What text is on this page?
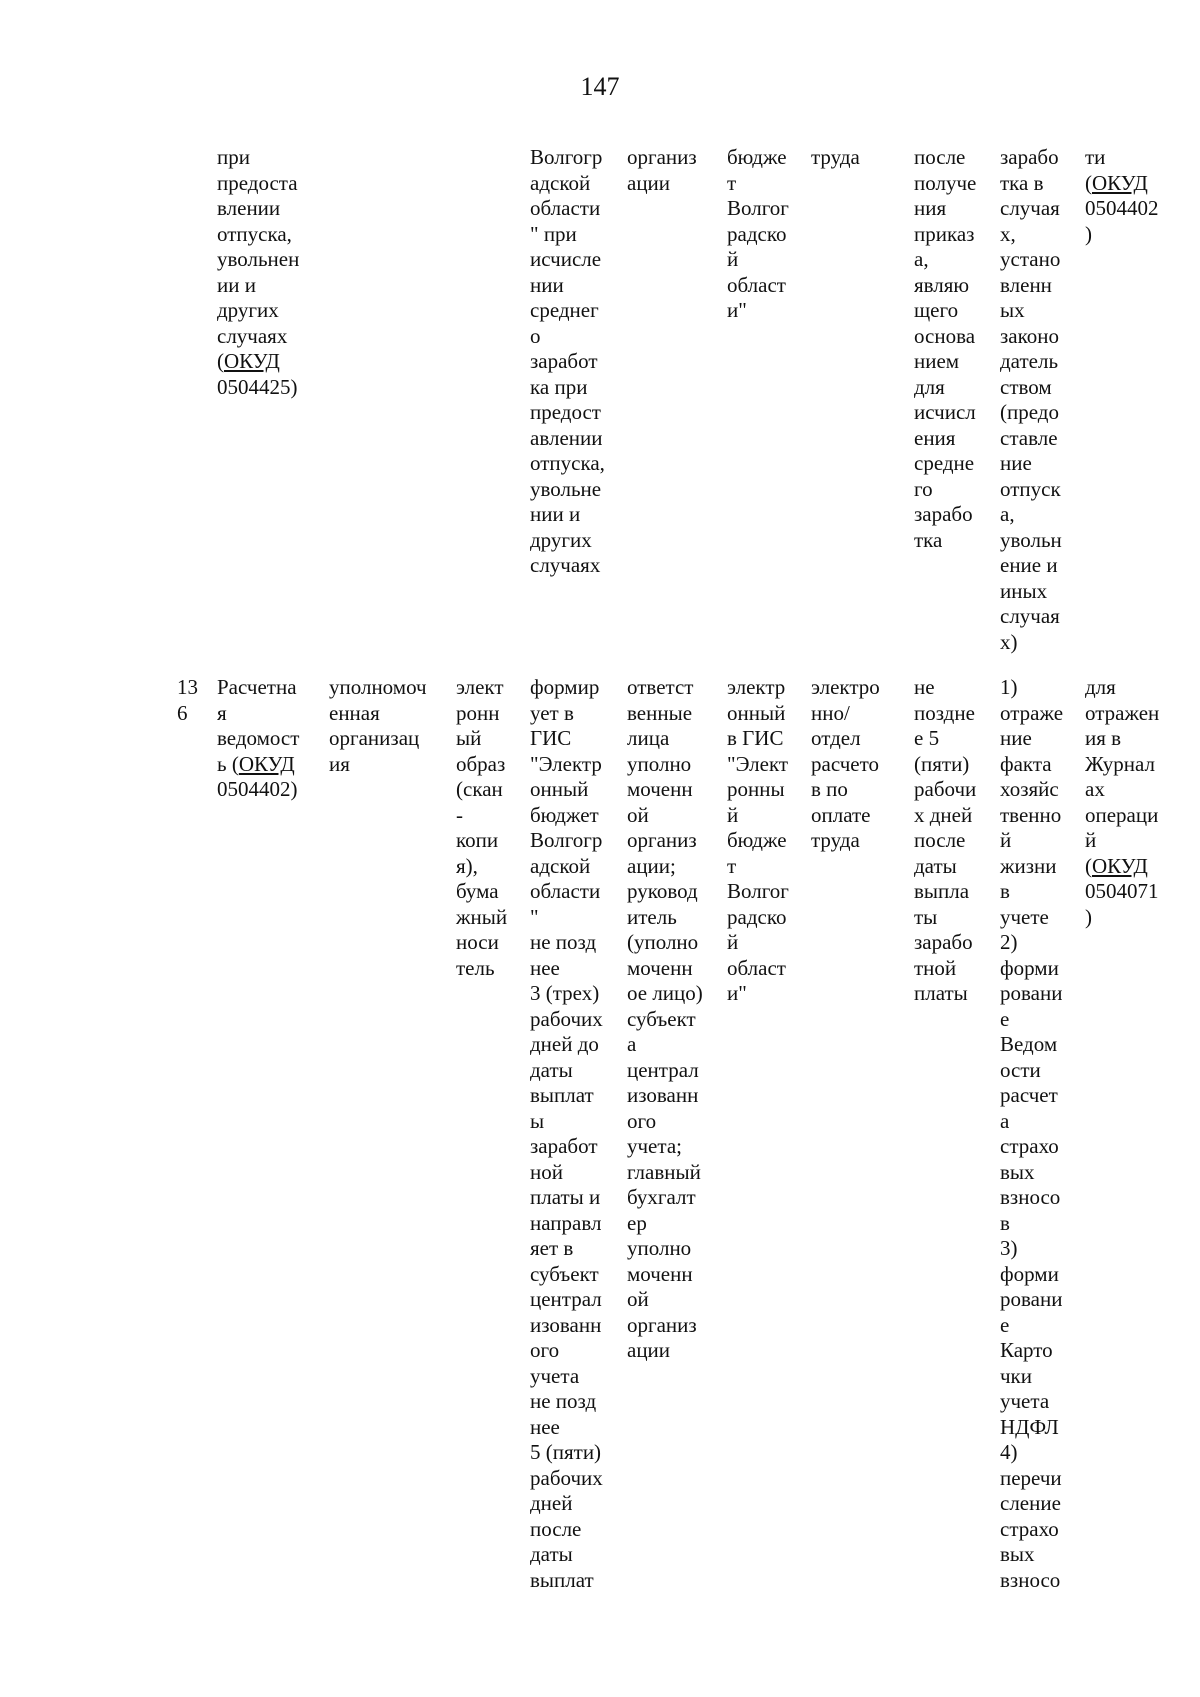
147
при
предоста
влении
отпуска,
увольнен
ии и
других
случаях
(ОКУД
0504425)
Волгогр
адской
области
" при
исчисле
нии
среднег
о
заработ
ка при
предост
авлении
отпуска,
увольне
нии и
других
случаях
организ
ации
бюдже
т
Волгог
радско
й
област
и"
труда	после
получе
ния
приказ
а,
являю
щего
основа
нием
для
исчисл
ения
средне
го
зарабо
тка
зарабо
тка в
случая
х,
устано
вленн
ых
законо
датель
ством
(предо
ставле
ние
отпуск
а,
увольн
ение и
иных
случая
х)
ти
(ОКУД
0504402
)
13
6
Расчетна
я
ведомост
ь (ОКУД
0504402)
уполномоч
енная
организац
ия
элект
ронн
ый
образ
(скан
-
копи
я),
бума
жный
носи
тель
формир
ует в
ГИС
"Электр
онный
бюджет
Волгогр
адской
области
"
не позд
нее
3 (трех)
рабочих
дней до
даты
выплат
ы
заработ
ной
платы и
направл
яет в
субъект
централ
изованн
ого
учета
не позд
нее
5 (пяти)
рабочих
дней
после
даты
выплат
ответст
венные
лица
уполно
моченн
ой
организ
ации;
руковод
итель
(уполно
моченн
ое лицо)
субъект
а
централ
изованн
ого
учета;
главный
бухгалт
ер
уполно
моченн
ой
организ
ации
электр
онный
в ГИС
"Элект
ронны
й
бюдже
т
Волгог
радско
й
област
и"
электро
нно/
отдел
расчето
в по
оплате
труда
не
поздне
е 5
(пяти)
рабочи
х дней
после
даты
выпла
ты
зарабо
тной
платы
1)
отраже
ние
факта
хозяйс
твенно
й
жизни
в
учете
2)
форми
ровани
е
Ведом
ости
расчет
а
страхо
вых
взносо
в
3)
форми
ровани
е
Карто
чки
учета
НДФЛ
4)
перечи
сление
страхо
вых
взносо
для
отражен
ия в
Журнал
ах
операци
й
(ОКУД
0504071
)
